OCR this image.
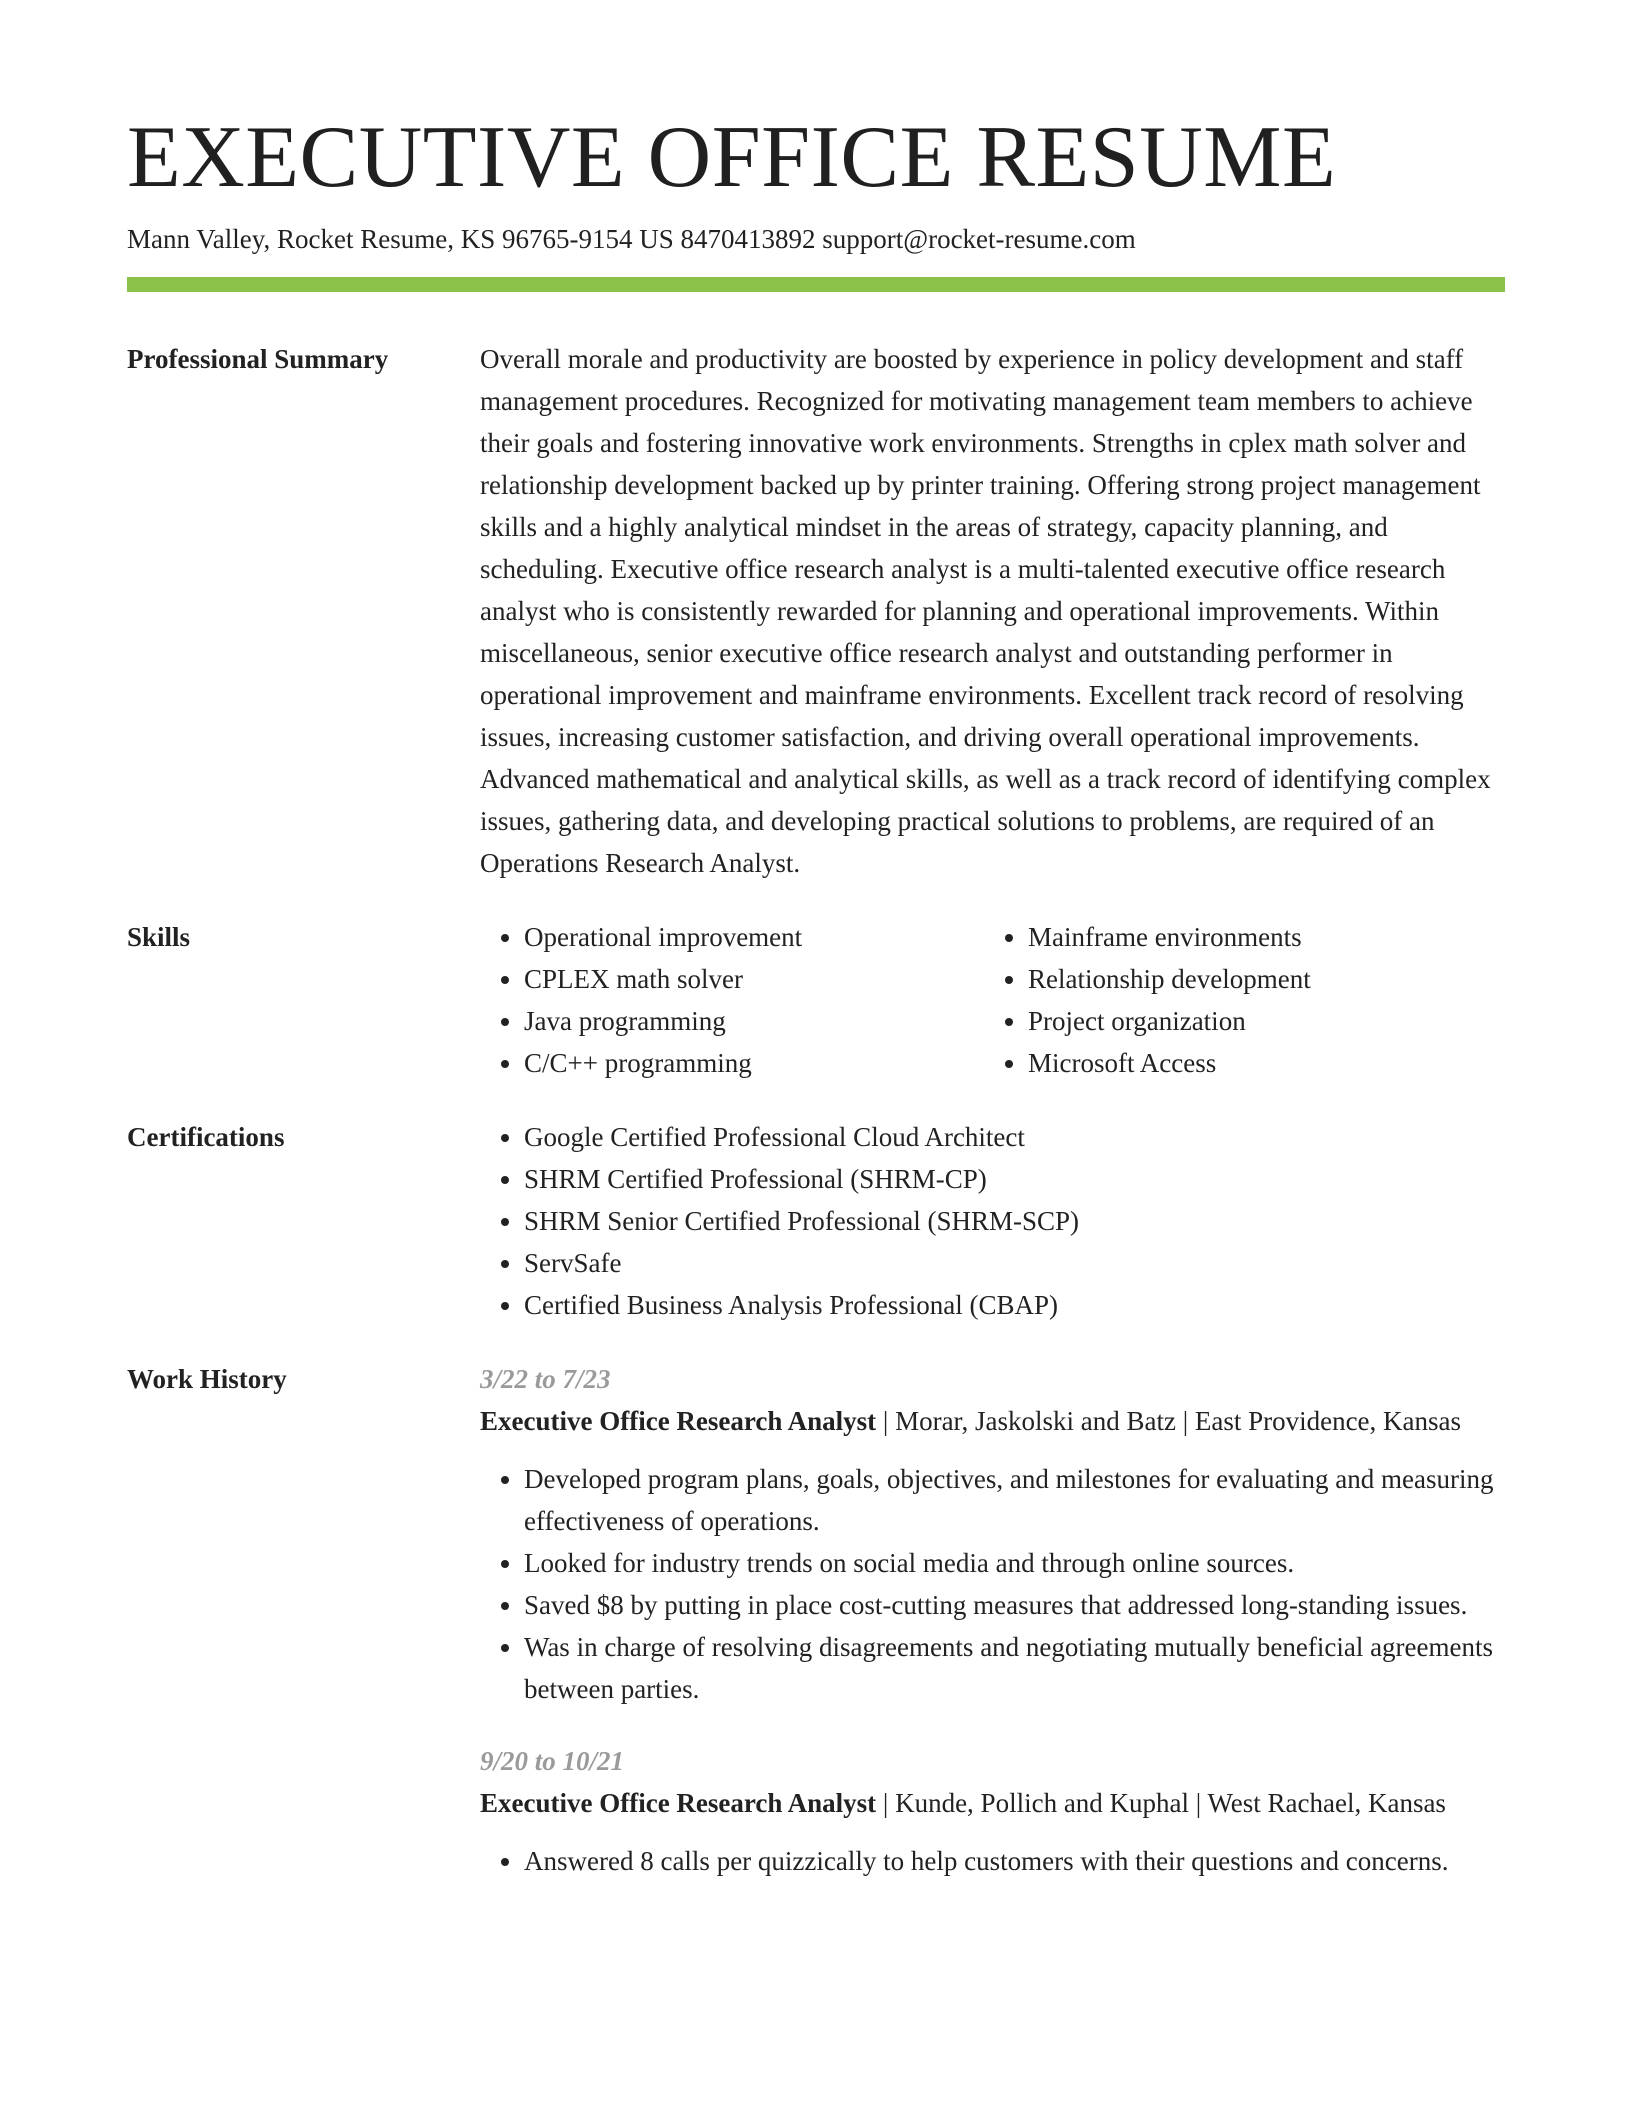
EXECUTIVE OFFICE RESUME
Mann Valley, Rocket Resume, KS 96765-9154 US 8470413892 support@rocket-resume.com
Professional Summary	Overall morale and productivity are boosted by experience in policy development and staff management procedures. Recognized for motivating management team members to achieve their goals and fostering innovative work environments. Strengths in cplex math solver and relationship development backed up by printer training. Offering strong project management skills and a highly analytical mindset in the areas of strategy, capacity planning, and scheduling. Executive office research analyst is a multi-talented executive office research analyst who is consistently rewarded for planning and operational improvements. Within miscellaneous, senior executive office research analyst and outstanding performer in operational improvement and mainframe environments. Excellent track record of resolving issues, increasing customer satisfaction, and driving overall operational improvements. Advanced mathematical and analytical skills, as well as a track record of identifying complex issues, gathering data, and developing practical solutions to problems, are required of an Operations Research Analyst.
Skills	• Operational improvement
• CPLEX math solver
• Java programming
• C/C++ programming
• Mainframe environments
• Relationship development
• Project organization
• Microsoft Access
Certifications	• Google Certified Professional Cloud Architect
• SHRM Certified Professional (SHRM-CP)
• SHRM Senior Certified Professional (SHRM-SCP)
• ServSafe
• Certified Business Analysis Professional (CBAP)
Work History	3/22 to 7/23
Executive Office Research Analyst | Morar, Jaskolski and Batz | East Providence, Kansas
• Developed program plans, goals, objectives, and milestones for evaluating and measuring effectiveness of operations.
• Looked for industry trends on social media and through online sources.
• Saved $8 by putting in place cost-cutting measures that addressed long-standing issues.
• Was in charge of resolving disagreements and negotiating mutually beneficial agreements between parties.
9/20 to 10/21
Executive Office Research Analyst | Kunde, Pollich and Kuphal | West Rachael, Kansas
• Answered 8 calls per quizzically to help customers with their questions and concerns.
